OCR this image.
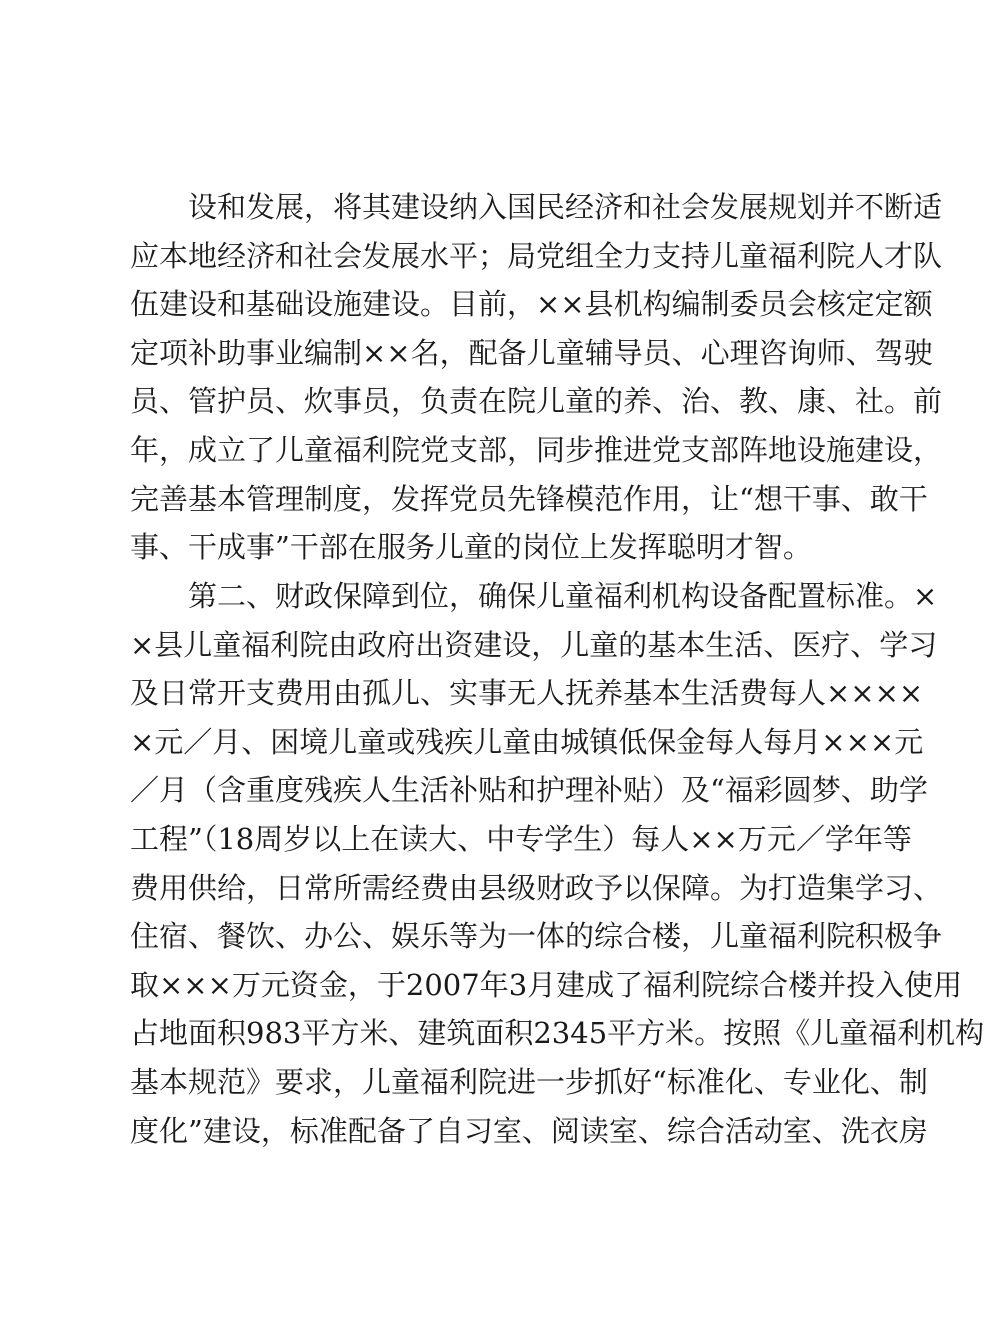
设和发展，将其建设纳入国民经济和社会发展规划并不断适
应本地经济和社会发展水平；局党组全力支持儿童福利院人才队
伍建设和基础设施建设。目前，××县机构编制委员会核定定额
定项补助事业编制××名，配备儿童辅导员、心理咨询师、驾驶
员、管护员、炊事员，负责在院儿童的养、治、教、康、社。前
年，成立了儿童福利院党支部，同步推进党支部阵地设施建设，
完善基本管理制度，发挥党员先锋模范作用，让“想干事、敢干
事、干成事”干部在服务儿童的岗位上发挥聪明才智。
第二、财政保障到位，确保儿童福利机构设备配置标准。×
×县儿童福利院由政府出资建设，儿童的基本生活、医疗、学习
及日常开支费用由孤儿、实事无人抚养基本生活费每人××××
×元／月、困境儿童或残疾儿童由城镇低保金每人每月×××元
／月（含重度残疾人生活补贴和护理补贴）及“福彩圆梦、助学
工程”（18周岁以上在读大、中专学生）每人××万元／学年等
费用供给，日常所需经费由县级财政予以保障。为打造集学习、
住宿、餐饮、办公、娱乐等为一体的综合楼，儿童福利院积极争
取×××万元资金，于2007年3月建成了福利院综合楼并投入使用
占地面积983平方米、建筑面积2345平方米。按照《儿童福利机构
基本规范》要求，儿童福利院进一步抓好“标准化、专业化、制
度化”建设，标准配备了自习室、阅读室、综合活动室、洗衣房
